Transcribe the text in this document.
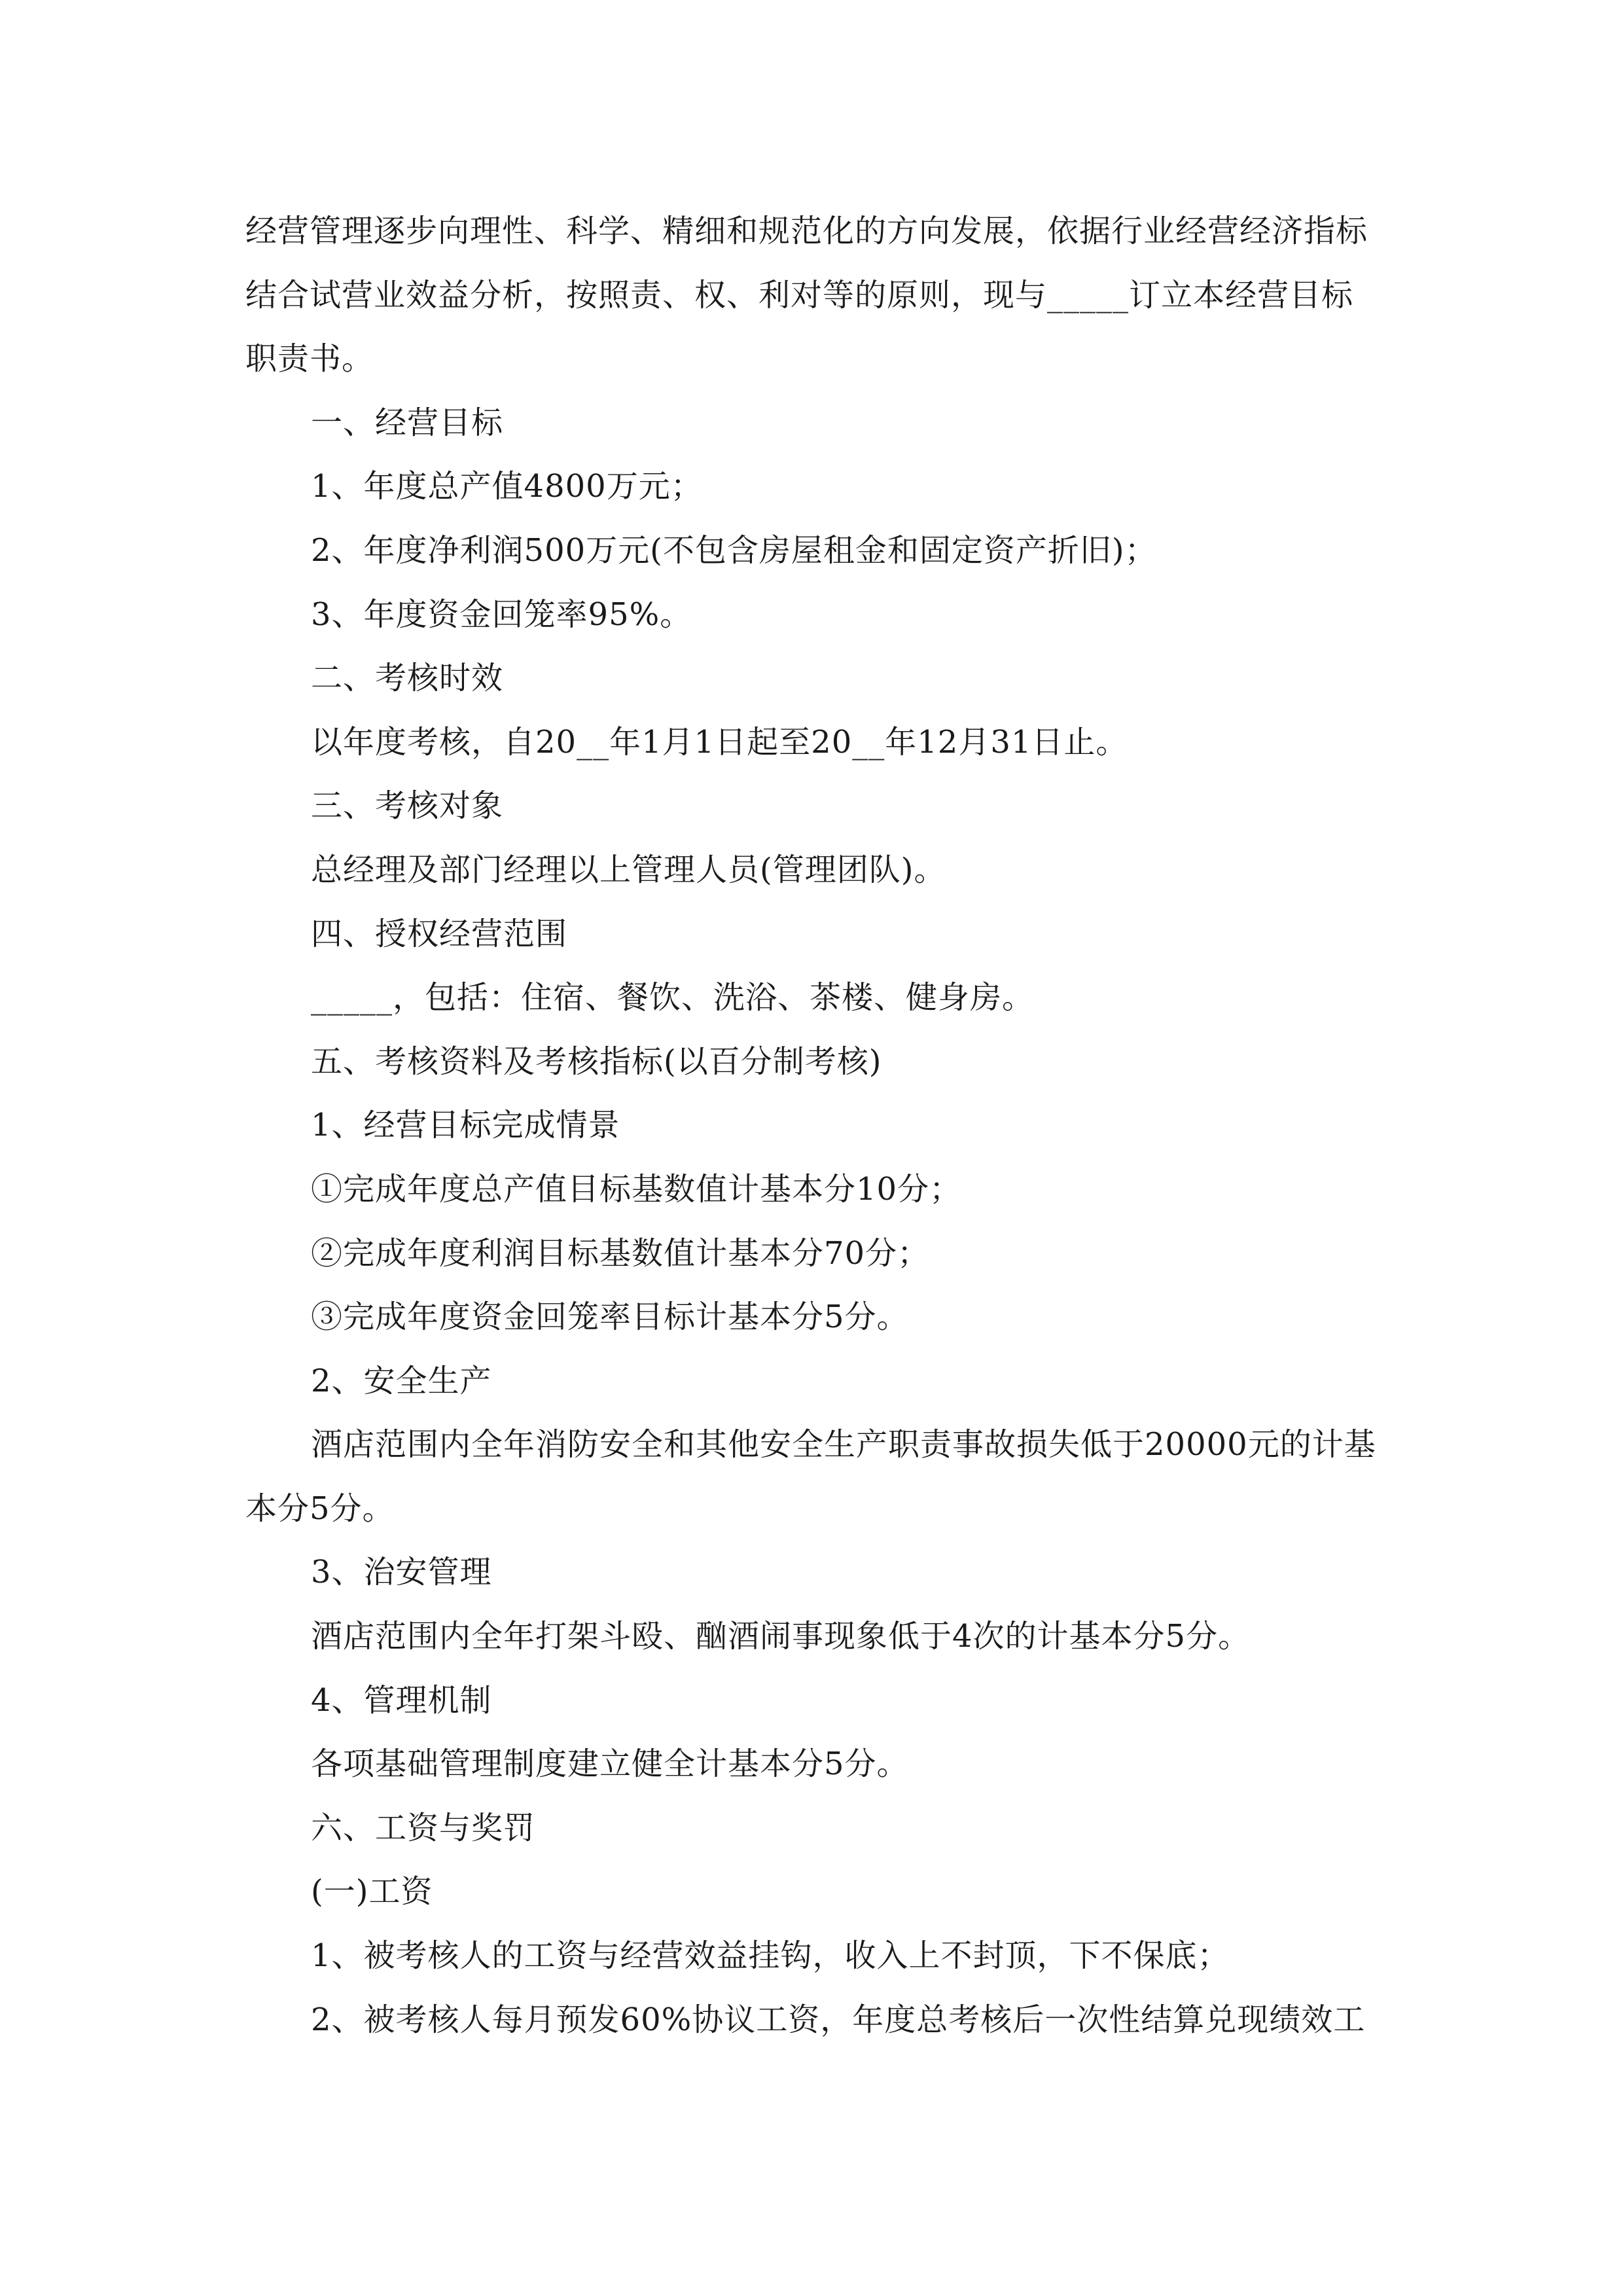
经营管理逐步向理性、科学、精细和规范化的方向发展，依据行业经营经济指标结合试营业效益分析，按照责、权、利对等的原则，现与_____订立本经营目标职责书。

一、经营目标

1、年度总产值4800万元；

2、年度净利润500万元(不包含房屋租金和固定资产折旧)；

3、年度资金回笼率95%。

二、考核时效

以年度考核，自20__年1月1日起至20__年12月31日止。

三、考核对象

总经理及部门经理以上管理人员(管理团队)。

四、授权经营范围

_____，包括：住宿、餐饮、洗浴、茶楼、健身房。

五、考核资料及考核指标(以百分制考核)

1、经营目标完成情景

①完成年度总产值目标基数值计基本分10分；

②完成年度利润目标基数值计基本分70分；

③完成年度资金回笼率目标计基本分5分。

2、安全生产

酒店范围内全年消防安全和其他安全生产职责事故损失低于20000元的计基本分5分。

3、治安管理

酒店范围内全年打架斗殴、酗酒闹事现象低于4次的计基本分5分。

4、管理机制

各项基础管理制度建立健全计基本分5分。

六、工资与奖罚

(一)工资

1、被考核人的工资与经营效益挂钩，收入上不封顶，下不保底；

2、被考核人每月预发60%协议工资，年度总考核后一次性结算兑现绩效工
